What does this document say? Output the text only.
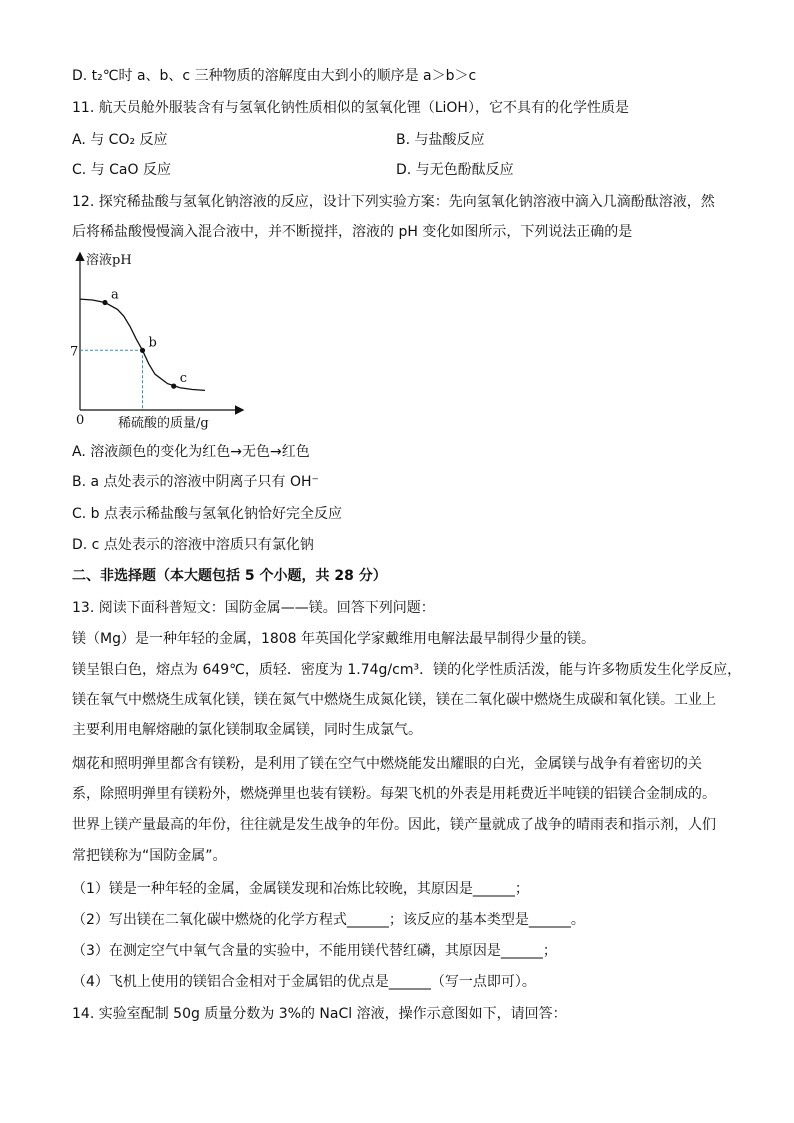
D. t₂℃时 a、b、c 三种物质的溶解度由大到小的顺序是 a＞b＞c
11. 航天员舱外服装含有与氢氧化钠性质相似的氢氧化锂（LiOH），它不具有的化学性质是
A. 与 CO₂ 反应	B. 与盐酸反应
C. 与 CaO 反应	D. 与无色酚酞反应
12. 探究稀盐酸与氢氧化钠溶液的反应，设计下列实验方案：先向氢氧化钠溶液中滴入几滴酚酞溶液，然
后将稀盐酸慢慢滴入混合液中，并不断搅拌，溶液的 pH 变化如图所示，下列说法正确的是
溶液pH
稀硫酸的质量/g
0
7
a
b
c
A. 溶液颜色的变化为红色→无色→红色
B. a 点处表示的溶液中阴离子只有 OH⁻
C. b 点表示稀盐酸与氢氧化钠恰好完全反应
D. c 点处表示的溶液中溶质只有氯化钠
二、非选择题（本大题包括 5 个小题，共 28 分）
13. 阅读下面科普短文：国防金属——镁。回答下列问题：
镁（Mg）是一种年轻的金属，1808 年英国化学家戴维用电解法最早制得少量的镁。
镁呈银白色，熔点为 649℃，质轻．密度为 1.74g/cm³．镁的化学性质活泼，能与许多物质发生化学反应，
镁在氧气中燃烧生成氧化镁，镁在氮气中燃烧生成氮化镁，镁在二氧化碳中燃烧生成碳和氧化镁。工业上
主要利用电解熔融的氯化镁制取金属镁，同时生成氯气。
烟花和照明弹里都含有镁粉，是利用了镁在空气中燃烧能发出耀眼的白光，金属镁与战争有着密切的关
系，除照明弹里有镁粉外，燃烧弹里也装有镁粉。每架飞机的外表是用耗费近半吨镁的铝镁合金制成的。
世界上镁产量最高的年份，往往就是发生战争的年份。因此，镁产量就成了战争的晴雨表和指示剂，人们
常把镁称为“国防金属”。
（1）镁是一种年轻的金属，金属镁发现和冶炼比较晚，其原因是______；
（2）写出镁在二氧化碳中燃烧的化学方程式______；该反应的基本类型是______。
（3）在测定空气中氧气含量的实验中，不能用镁代替红磷，其原因是______；
（4）飞机上使用的镁铝合金相对于金属铝的优点是______（写一点即可）。
14. 实验室配制 50g 质量分数为 3%的 NaCl 溶液，操作示意图如下，请回答：
